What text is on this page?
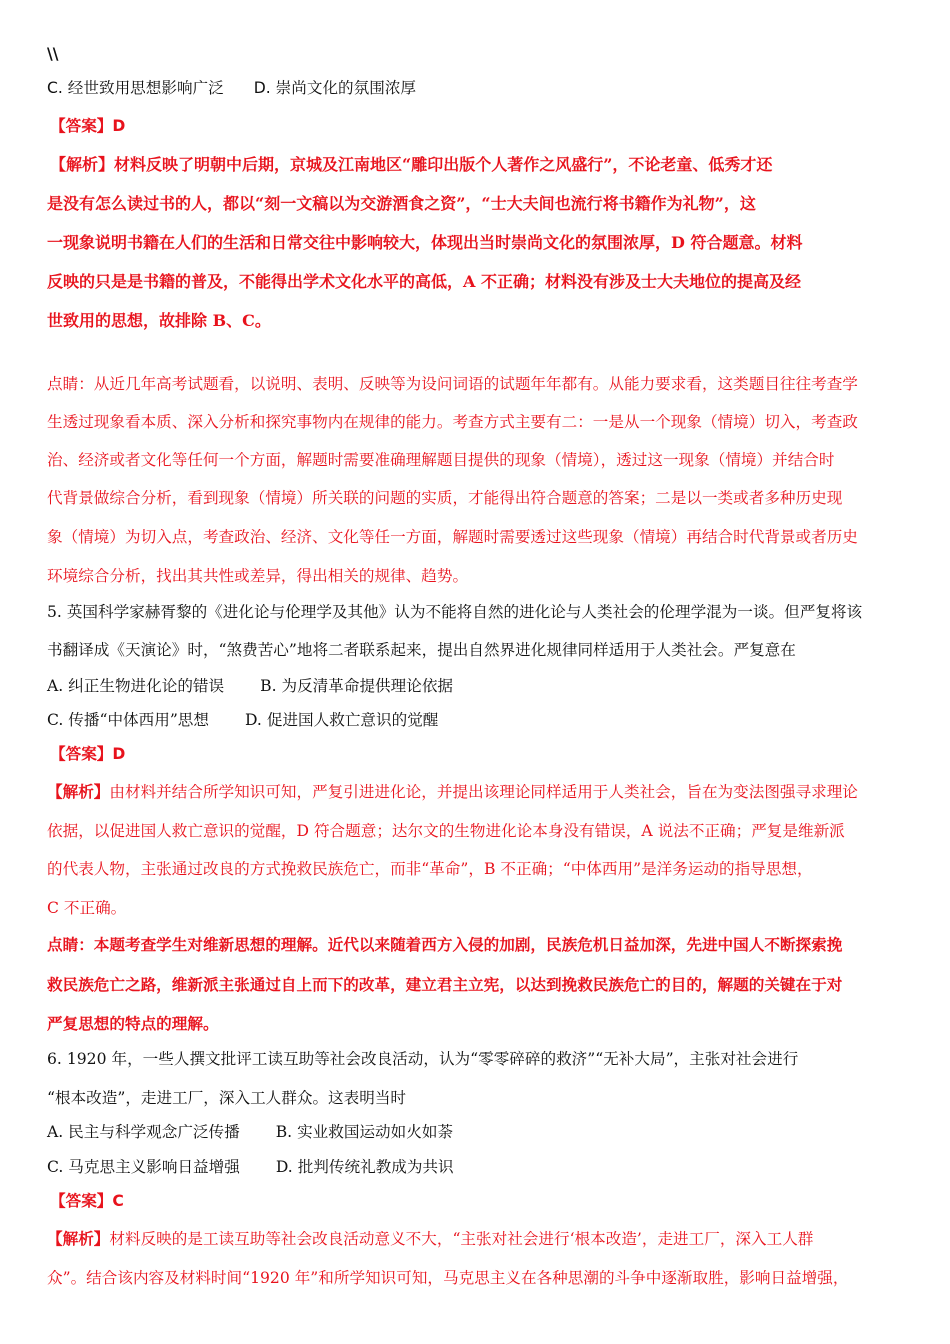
\\
C. 经世致用思想影响广泛 D. 崇尚文化的氛围浓厚
【答案】D
【解析】材料反映了明朝中后期，京城及江南地区“雕印出版个人著作之风盛行”，不论老童、低秀才还
是没有怎么读过书的人，都以“刻一文稿以为交游酒食之资”，“士大夫间也流行将书籍作为礼物”，这
一现象说明书籍在人们的生活和日常交往中影响较大，体现出当时崇尚文化的氛围浓厚，D 符合题意。材料
反映的只是是书籍的普及，不能得出学术文化水平的高低，A 不正确；材料没有涉及士大夫地位的提高及经
世致用的思想，故排除 B、C。
点睛：从近几年高考试题看，以说明、表明、反映等为设问词语的试题年年都有。从能力要求看，这类题目往往考查学
生透过现象看本质、深入分析和探究事物内在规律的能力。考查方式主要有二：一是从一个现象（情境）切入，考查政
治、经济或者文化等任何一个方面，解题时需要准确理解题目提供的现象（情境），透过这一现象（情境）并结合时
代背景做综合分析，看到现象（情境）所关联的问题的实质，才能得出符合题意的答案；二是以一类或者多种历史现
象（情境）为切入点，考查政治、经济、文化等任一方面，解题时需要透过这些现象（情境）再结合时代背景或者历史
环境综合分析，找出其共性或差异，得出相关的规律、趋势。
5. 英国科学家赫胥黎的《进化论与伦理学及其他》认为不能将自然的进化论与人类社会的伦理学混为一谈。但严复将该
书翻译成《天演论》时，“煞费苦心”地将二者联系起来，提出自然界进化规律同样适用于人类社会。严复意在
A. 纠正生物进化论的错误 B. 为反清革命提供理论依据
C. 传播“中体西用”思想 D. 促进国人救亡意识的觉醒
【答案】D
【解析】由材料并结合所学知识可知，严复引进进化论，并提出该理论同样适用于人类社会，旨在为变法图强寻求理论
依据，以促进国人救亡意识的觉醒，D 符合题意；达尔文的生物进化论本身没有错误，A 说法不正确；严复是维新派
的代表人物，主张通过改良的方式挽救民族危亡，而非“革命”，B 不正确；“中体西用”是洋务运动的指导思想，
C 不正确。
点睛：本题考查学生对维新思想的理解。近代以来随着西方入侵的加剧，民族危机日益加深，先进中国人不断探索挽
救民族危亡之路，维新派主张通过自上而下的改革，建立君主立宪，以达到挽救民族危亡的目的，解题的关键在于对
严复思想的特点的理解。
6. 1920 年，一些人撰文批评工读互助等社会改良活动，认为“零零碎碎的救济”“无补大局”，主张对社会进行
“根本改造”，走进工厂，深入工人群众。这表明当时
A. 民主与科学观念广泛传播 B. 实业救国运动如火如荼
C. 马克思主义影响日益增强 D. 批判传统礼教成为共识
【答案】C
【解析】材料反映的是工读互助等社会改良活动意义不大，“主张对社会进行‘根本改造’，走进工厂，深入工人群
众”。结合该内容及材料时间“1920 年”和所学知识可知，马克思主义在各种思潮的斗争中逐渐取胜，影响日益增强，
